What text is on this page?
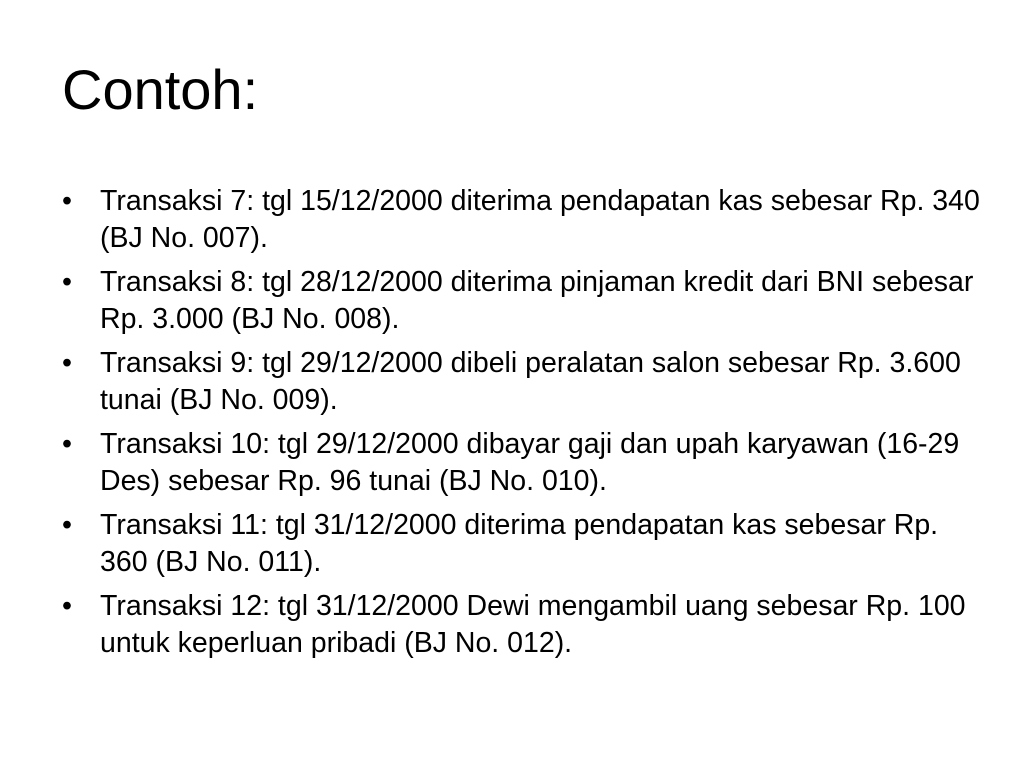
Contoh:
• Transaksi 7: tgl 15/12/2000 diterima pendapatan kas sebesar Rp. 340 (BJ No. 007).
• Transaksi 8: tgl 28/12/2000 diterima pinjaman kredit dari BNI sebesar Rp. 3.000 (BJ No. 008).
• Transaksi 9: tgl 29/12/2000 dibeli peralatan salon sebesar Rp. 3.600 tunai (BJ No. 009).
• Transaksi 10: tgl 29/12/2000 dibayar gaji dan upah karyawan (16-29 Des) sebesar Rp. 96 tunai (BJ No. 010).
• Transaksi 11: tgl 31/12/2000 diterima pendapatan kas sebesar Rp. 360 (BJ No. 011).
• Transaksi 12: tgl 31/12/2000 Dewi mengambil uang sebesar Rp. 100 untuk keperluan pribadi (BJ No. 012).
